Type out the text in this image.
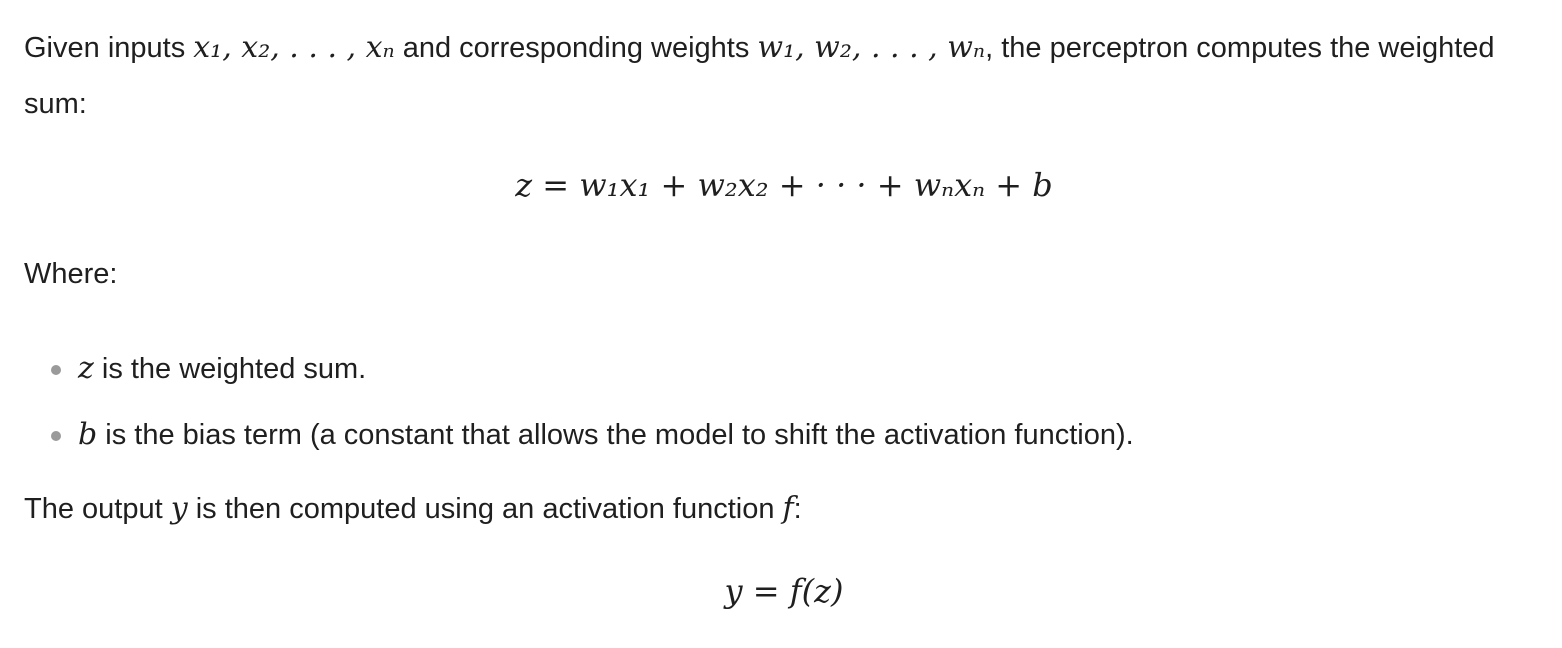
Given inputs x₁, x₂, . . . , xₙ and corresponding weights w₁, w₂, . . . , wₙ, the perceptron computes the weighted sum:

z = w₁x₁ + w₂x₂ + · · · + wₙxₙ + b

Where:

z is the weighted sum.
b is the bias term (a constant that allows the model to shift the activation function).

The output y is then computed using an activation function f:

y = f(z)
